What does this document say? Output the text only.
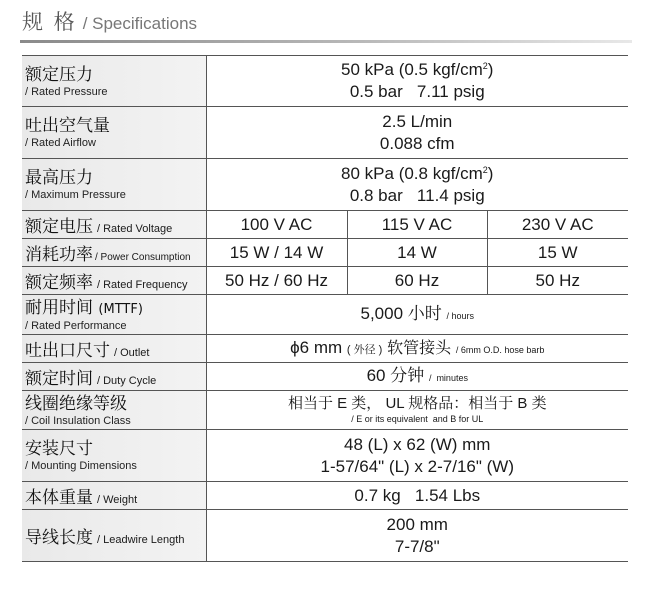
规 格 / Specifications
额定压力
/ Rated Pressure	50 kPa (0.5 kgf/$cm^2$)
0.5 bar   7.11 psig		

吐出空气量
/ Rated Airflow	2.5 L/min
0.088 cfm		

最高压力
/ Maximum Pressure	80 kPa (0.8 kgf/$cm^2$)
0.8 bar   11.4 psig		

额定电压 / Rated Voltage	100 V AC	115 V AC	230 V AC
消耗功率 / Power Consumption	15 W / 14 W	14 W	15 W
额定频率 / Rated Frequency	50 Hz / 60 Hz	60 Hz	50 Hz

耐用时间 (MTTF)
/ Rated Performance	5,000 小时 / hours		
吐出口尺寸 / Outlet	ϕ6 mm ( 外径 ) 软管接头 / 6mm O.D. hose barb		
额定时间 / Duty Cycle	60 分钟 /  minutes		

线圈绝缘等级
/ Coil Insulation Class	相当于 E 类， UL 规格品：相当于 B 类
/ E or its equivalent  and B for UL		

安装尺寸
/ Mounting Dimensions	48 (L) x 62 (W) mm
1-57/64" (L) x 2-7/16" (W)		

本体重量 / Weight	0.7 kg   1.54 Lbs		
导线长度 / Leadwire Length	200 mm
7-7/8"		
